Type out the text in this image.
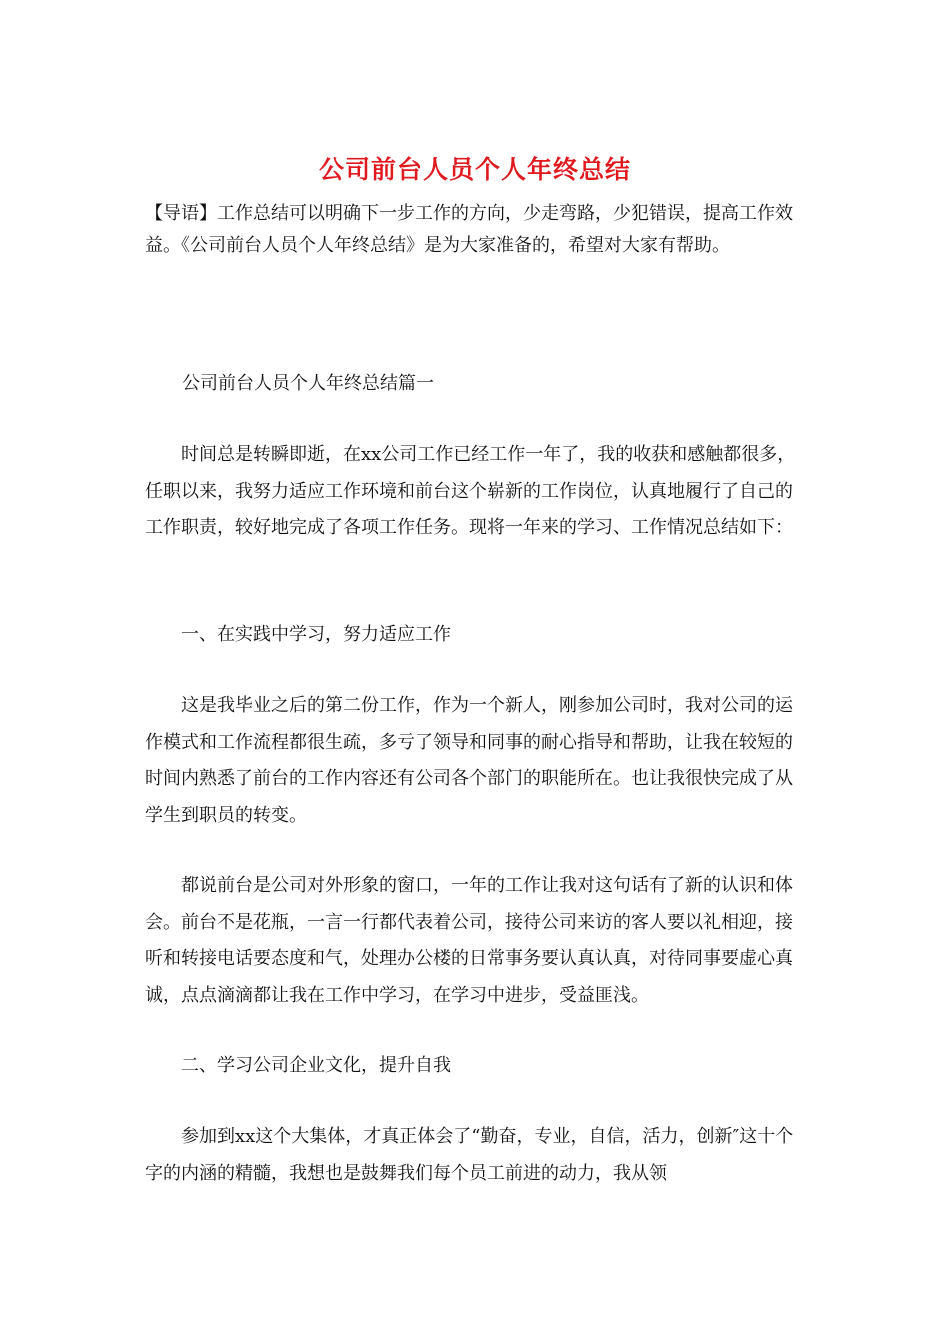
公司前台人员个人年终总结

【导语】工作总结可以明确下一步工作的方向，少走弯路，少犯错误，提高工作效益。《公司前台人员个人年终总结》是为大家准备的，希望对大家有帮助。

公司前台人员个人年终总结篇一

时间总是转瞬即逝，在xx公司工作已经工作一年了，我的收获和感触都很多，任职以来，我努力适应工作环境和前台这个崭新的工作岗位，认真地履行了自己的工作职责，较好地完成了各项工作任务。现将一年来的学习、工作情况总结如下：

一、在实践中学习，努力适应工作

这是我毕业之后的第二份工作，作为一个新人，刚参加公司时，我对公司的运作模式和工作流程都很生疏，多亏了领导和同事的耐心指导和帮助，让我在较短的时间内熟悉了前台的工作内容还有公司各个部门的职能所在。也让我很快完成了从学生到职员的转变。

都说前台是公司对外形象的窗口，一年的工作让我对这句话有了新的认识和体会。前台不是花瓶，一言一行都代表着公司，接待公司来访的客人要以礼相迎，接听和转接电话要态度和气，处理办公楼的日常事务要认真认真，对待同事要虚心真诚，点点滴滴都让我在工作中学习，在学习中进步，受益匪浅。

二、学习公司企业文化，提升自我

参加到xx这个大集体，才真正体会了“勤奋，专业，自信，活力，创新″这十个字的内涵的精髓，我想也是鼓舞我们每个员工前进的动力，我从领
